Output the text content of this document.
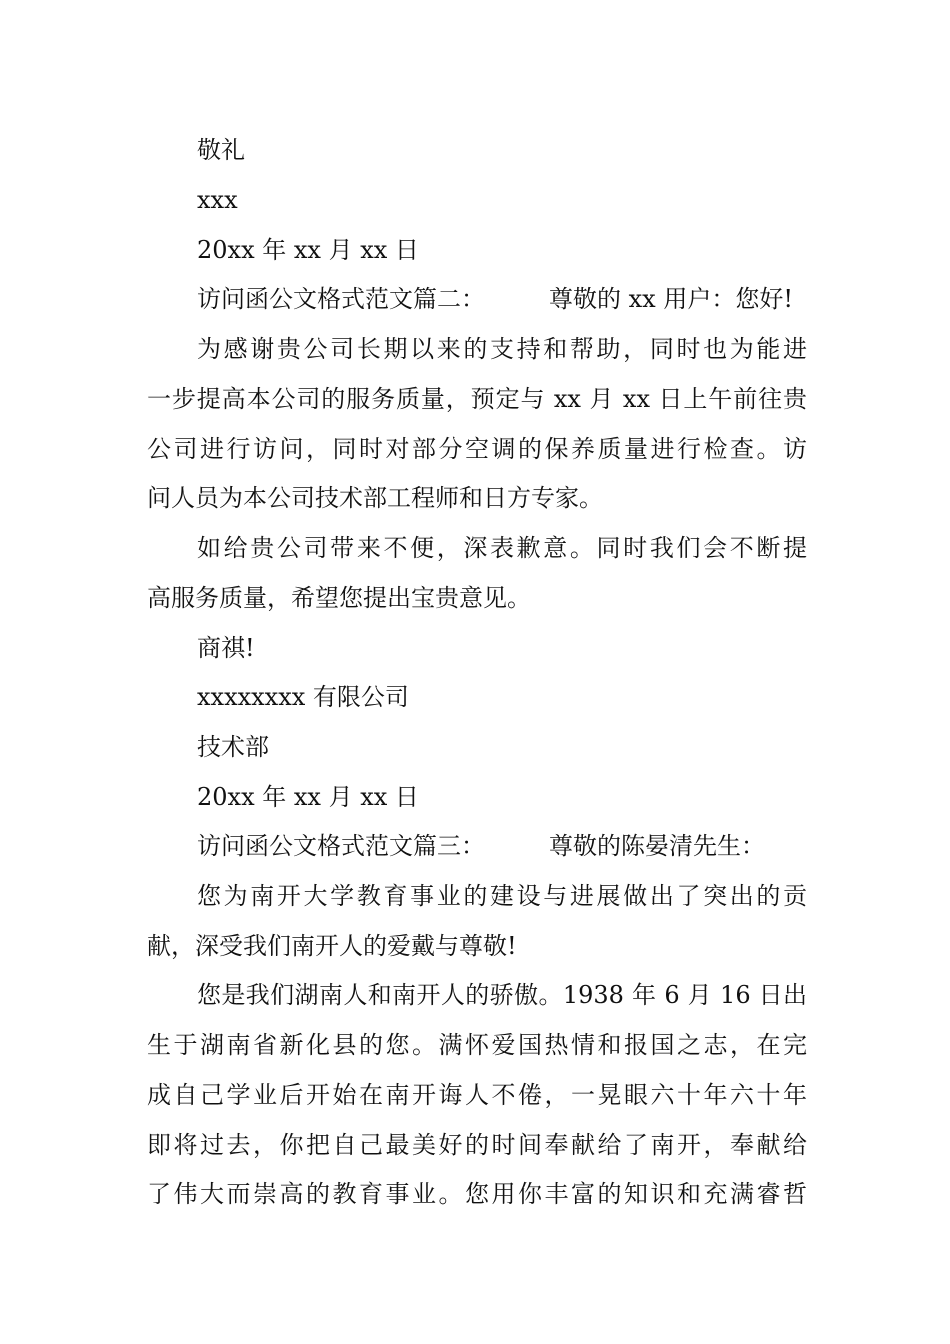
敬礼
xxx
20xx 年 xx 月 xx 日
访问函公文格式范文篇二：	尊敬的 xx 用户：您好!
为感谢贵公司长期以来的支持和帮助，同时也为能进
一步提高本公司的服务质量，预定与 xx 月 xx 日上午前往贵
公司进行访问，同时对部分空调的保养质量进行检查。访
问人员为本公司技术部工程师和日方专家。
如给贵公司带来不便，深表歉意。同时我们会不断提
高服务质量，希望您提出宝贵意见。
商祺!
xxxxxxxx 有限公司
技术部
20xx 年 xx 月 xx 日
访问函公文格式范文篇三：	尊敬的陈晏清先生：
您为南开大学教育事业的建设与进展做出了突出的贡
献，深受我们南开人的爱戴与尊敬!
您是我们湖南人和南开人的骄傲。1938 年 6 月 16 日出
生于湖南省新化县的您。满怀爱国热情和报国之志，在完
成自己学业后开始在南开诲人不倦，一晃眼六十年六十年
即将过去，你把自己最美好的时间奉献给了南开，奉献给
了伟大而崇高的教育事业。您用你丰富的知识和充满睿哲
